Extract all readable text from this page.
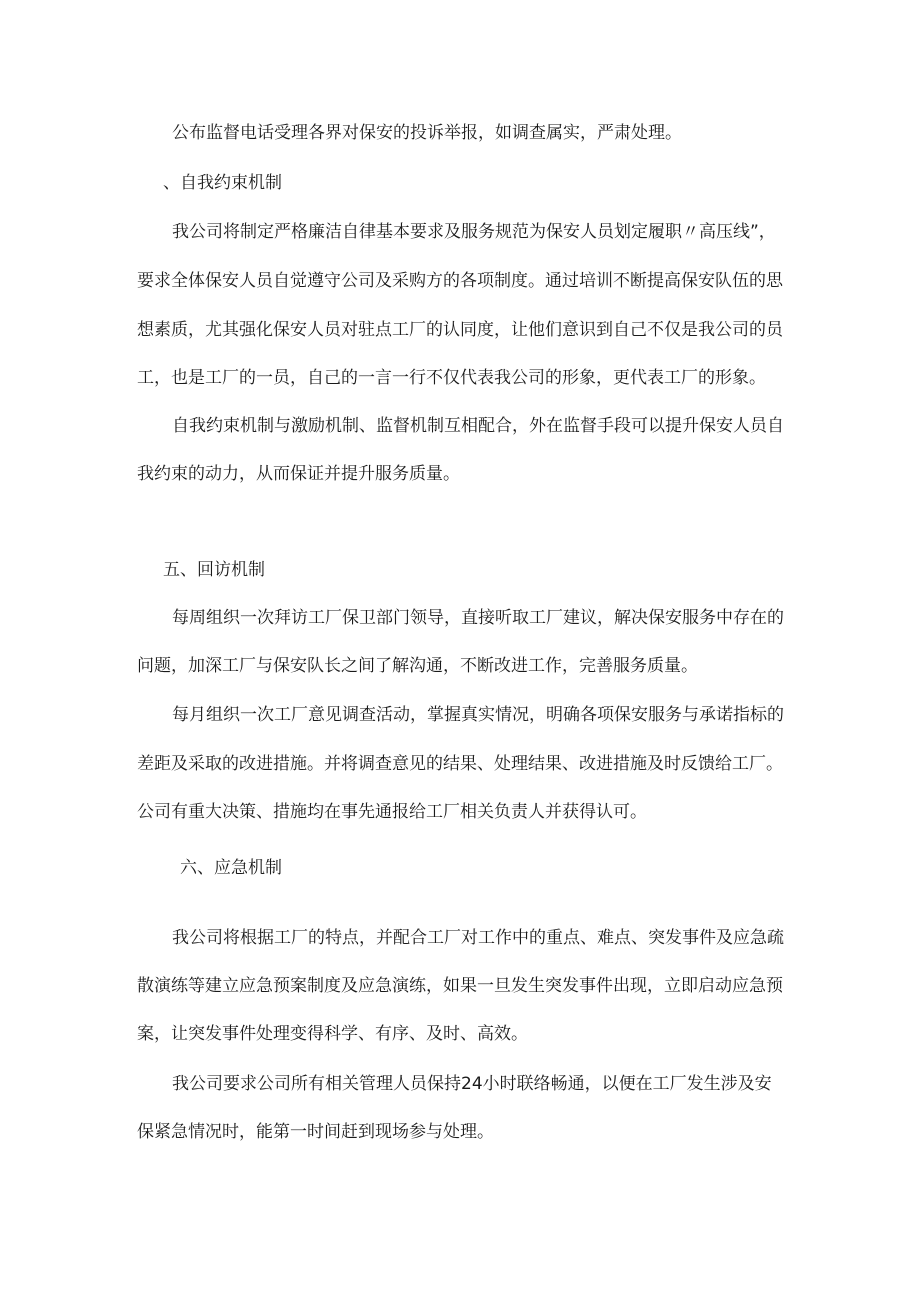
公布监督电话受理各界对保安的投诉举报，如调查属实，严肃处理。
、自我约束机制
我公司将制定严格廉洁自律基本要求及服务规范为保安人员划定履职〃高压线”，
要求全体保安人员自觉遵守公司及采购方的各项制度。通过培训不断提高保安队伍的思
想素质，尤其强化保安人员对驻点工厂的认同度，让他们意识到自己不仅是我公司的员
工，也是工厂的一员，自己的一言一行不仅代表我公司的形象，更代表工厂的形象。
自我约束机制与激励机制、监督机制互相配合，外在监督手段可以提升保安人员自
我约束的动力，从而保证并提升服务质量。
五、回访机制
每周组织一次拜访工厂保卫部门领导，直接听取工厂建议，解决保安服务中存在的
问题，加深工厂与保安队长之间了解沟通，不断改进工作，完善服务质量。
每月组织一次工厂意见调查活动，掌握真实情况，明确各项保安服务与承诺指标的
差距及采取的改进措施。并将调查意见的结果、处理结果、改进措施及时反馈给工厂。
公司有重大决策、措施均在事先通报给工厂相关负责人并获得认可。
六、应急机制
我公司将根据工厂的特点，并配合工厂对工作中的重点、难点、突发事件及应急疏
散演练等建立应急预案制度及应急演练，如果一旦发生突发事件出现，立即启动应急预
案，让突发事件处理变得科学、有序、及时、高效。
我公司要求公司所有相关管理人员保持24小时联络畅通，以便在工厂发生涉及安
保紧急情况时，能第一时间赶到现场参与处理。
